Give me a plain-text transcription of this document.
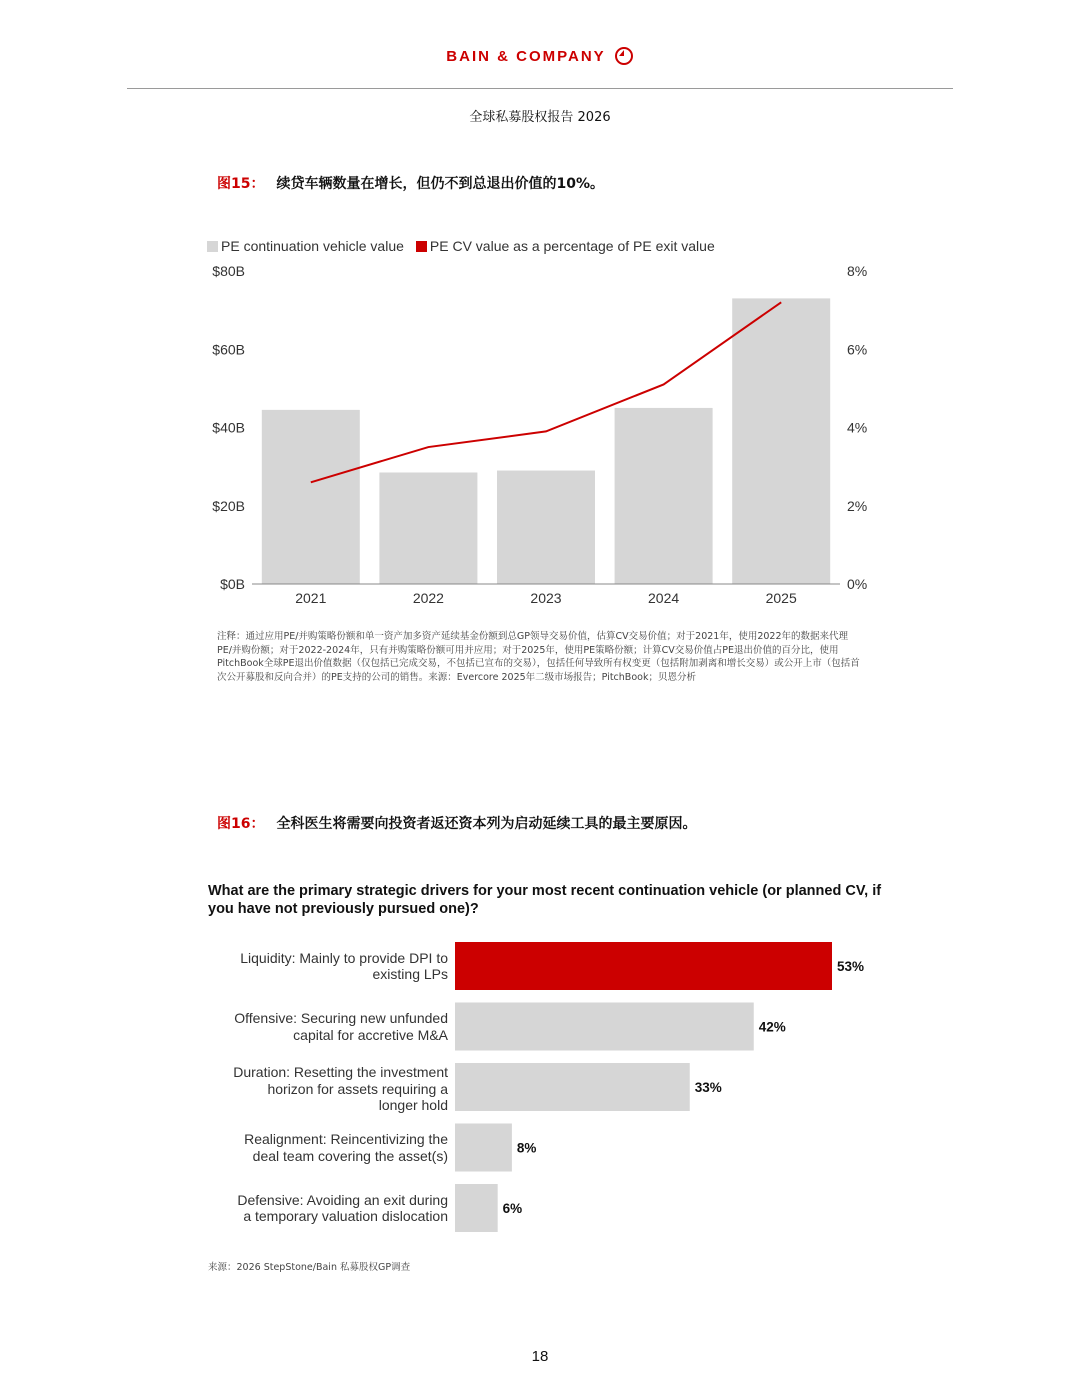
BAIN & COMPANY
全球私募股权报告 2026
图15： 续贷车辆数量在增长，但仍不到总退出价值的10%。
PE continuation vehicle value PE CV value as a percentage of PE exit value
$0B
$20B
$40B
$60B
$80B
0%
2%
4%
6%
8%
2021	2022	2023	2024	2025
注释：通过应用PE/并购策略份额和单一资产加多资产延续基金份额到总GP领导交易价值，估算CV交易价值；对于2021年，使用2022年的数据来代理PE/并购份额；对于2022-2024年，只有并购策略份额可用并应用；对于2025年，使用PE策略份额；计算CV交易价值占PE退出价值的百分比，使用PitchBook全球PE退出价值数据（仅包括已完成交易，不包括已宣布的交易），包括任何导致所有权变更（包括附加剥离和增长交易）或公开上市（包括首次公开募股和反向合并）的PE支持的公司的销售。来源：Evercore 2025年二级市场报告；PitchBook；贝恩分析
图16： 全科医生将需要向投资者返还资本列为启动延续工具的最主要原因。
What are the primary strategic drivers for your most recent continuation vehicle (or planned CV, if you have not previously pursued one)?
Liquidity: Mainly to provide DPI to
existing LPs
Offensive: Securing new unfunded
capital for accretive M&A
Duration: Resetting the investment
horizon for assets requiring a
longer hold
Realignment: Reincentivizing the
deal team covering the asset(s)
Defensive: Avoiding an exit during
a temporary valuation dislocation
53%
42%
33%
8%
6%
来源：2026 StepStone/Bain 私募股权GP调查
18
